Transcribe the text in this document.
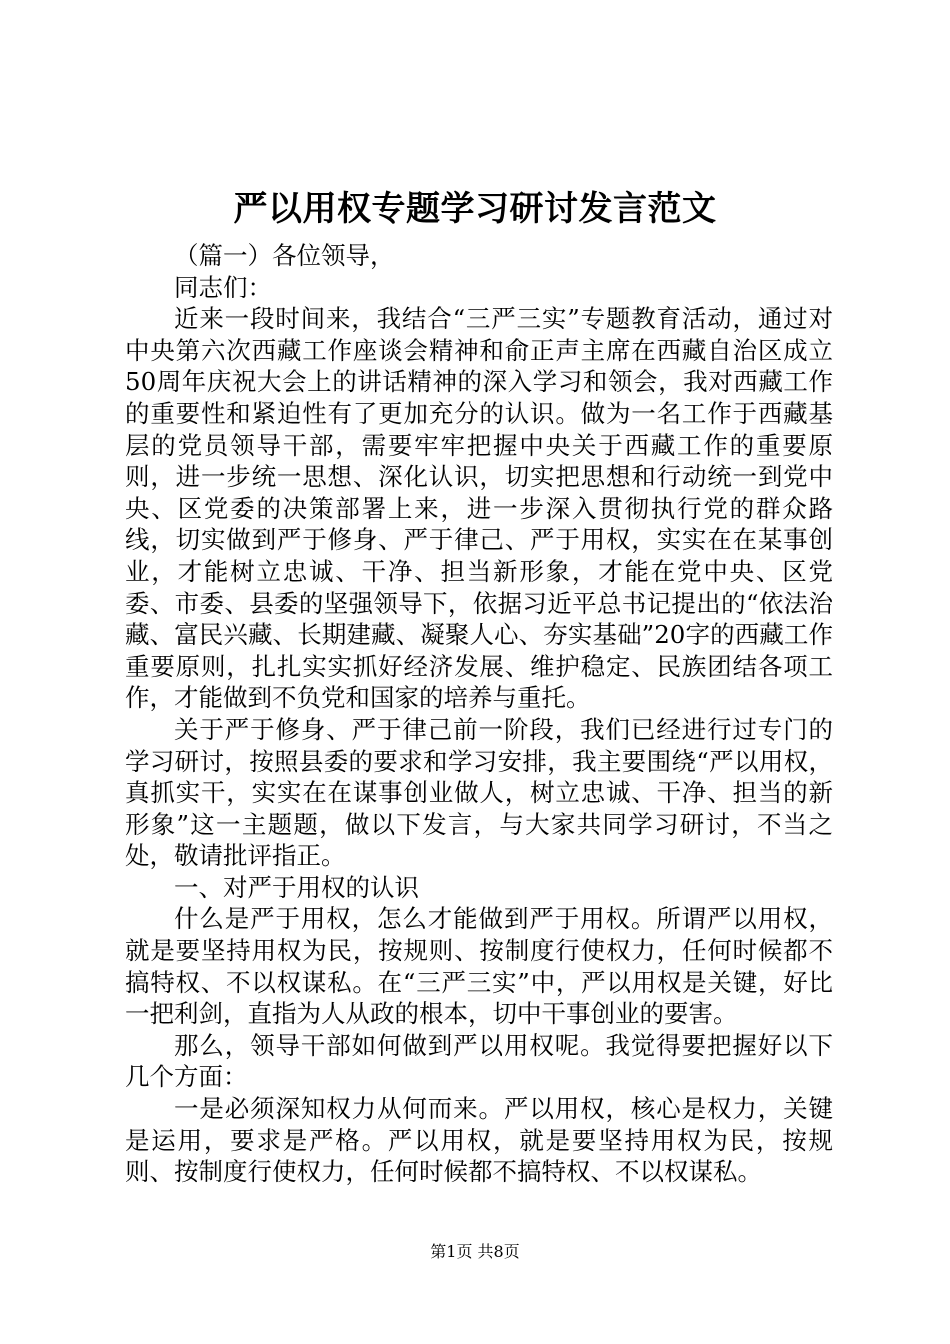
严以用权专题学习研讨发言范文

（篇一）各位领导，

同志们：

近来一段时间来，我结合“三严三实”专题教育活动，通过对中央第六次西藏工作座谈会精神和俞正声主席在西藏自治区成立50周年庆祝大会上的讲话精神的深入学习和领会，我对西藏工作的重要性和紧迫性有了更加充分的认识。做为一名工作于西藏基层的党员领导干部，需要牢牢把握中央关于西藏工作的重要原则，进一步统一思想、深化认识，切实把思想和行动统一到党中央、区党委的决策部署上来，进一步深入贯彻执行党的群众路线，切实做到严于修身、严于律己、严于用权，实实在在某事创业，才能树立忠诚、干净、担当新形象，才能在党中央、区党委、市委、县委的坚强领导下，依据习近平总书记提出的“依法治藏、富民兴藏、长期建藏、凝聚人心、夯实基础”20字的西藏工作重要原则，扎扎实实抓好经济发展、维护稳定、民族团结各项工作，才能做到不负党和国家的培养与重托。

关于严于修身、严于律己前一阶段，我们已经进行过专门的学习研讨，按照县委的要求和学习安排，我主要围绕“严以用权，真抓实干，实实在在谋事创业做人，树立忠诚、干净、担当的新形象”这一主题题，做以下发言，与大家共同学习研讨，不当之处，敬请批评指正。

一、对严于用权的认识

什么是严于用权，怎么才能做到严于用权。所谓严以用权，就是要坚持用权为民，按规则、按制度行使权力，任何时候都不搞特权、不以权谋私。在“三严三实”中，严以用权是关键，好比一把利剑，直指为人从政的根本，切中干事创业的要害。

那么，领导干部如何做到严以用权呢。我觉得要把握好以下几个方面：

一是必须深知权力从何而来。严以用权，核心是权力，关键是运用，要求是严格。严以用权，就是要坚持用权为民，按规则、按制度行使权力，任何时候都不搞特权、不以权谋私。

第1页 共8页
